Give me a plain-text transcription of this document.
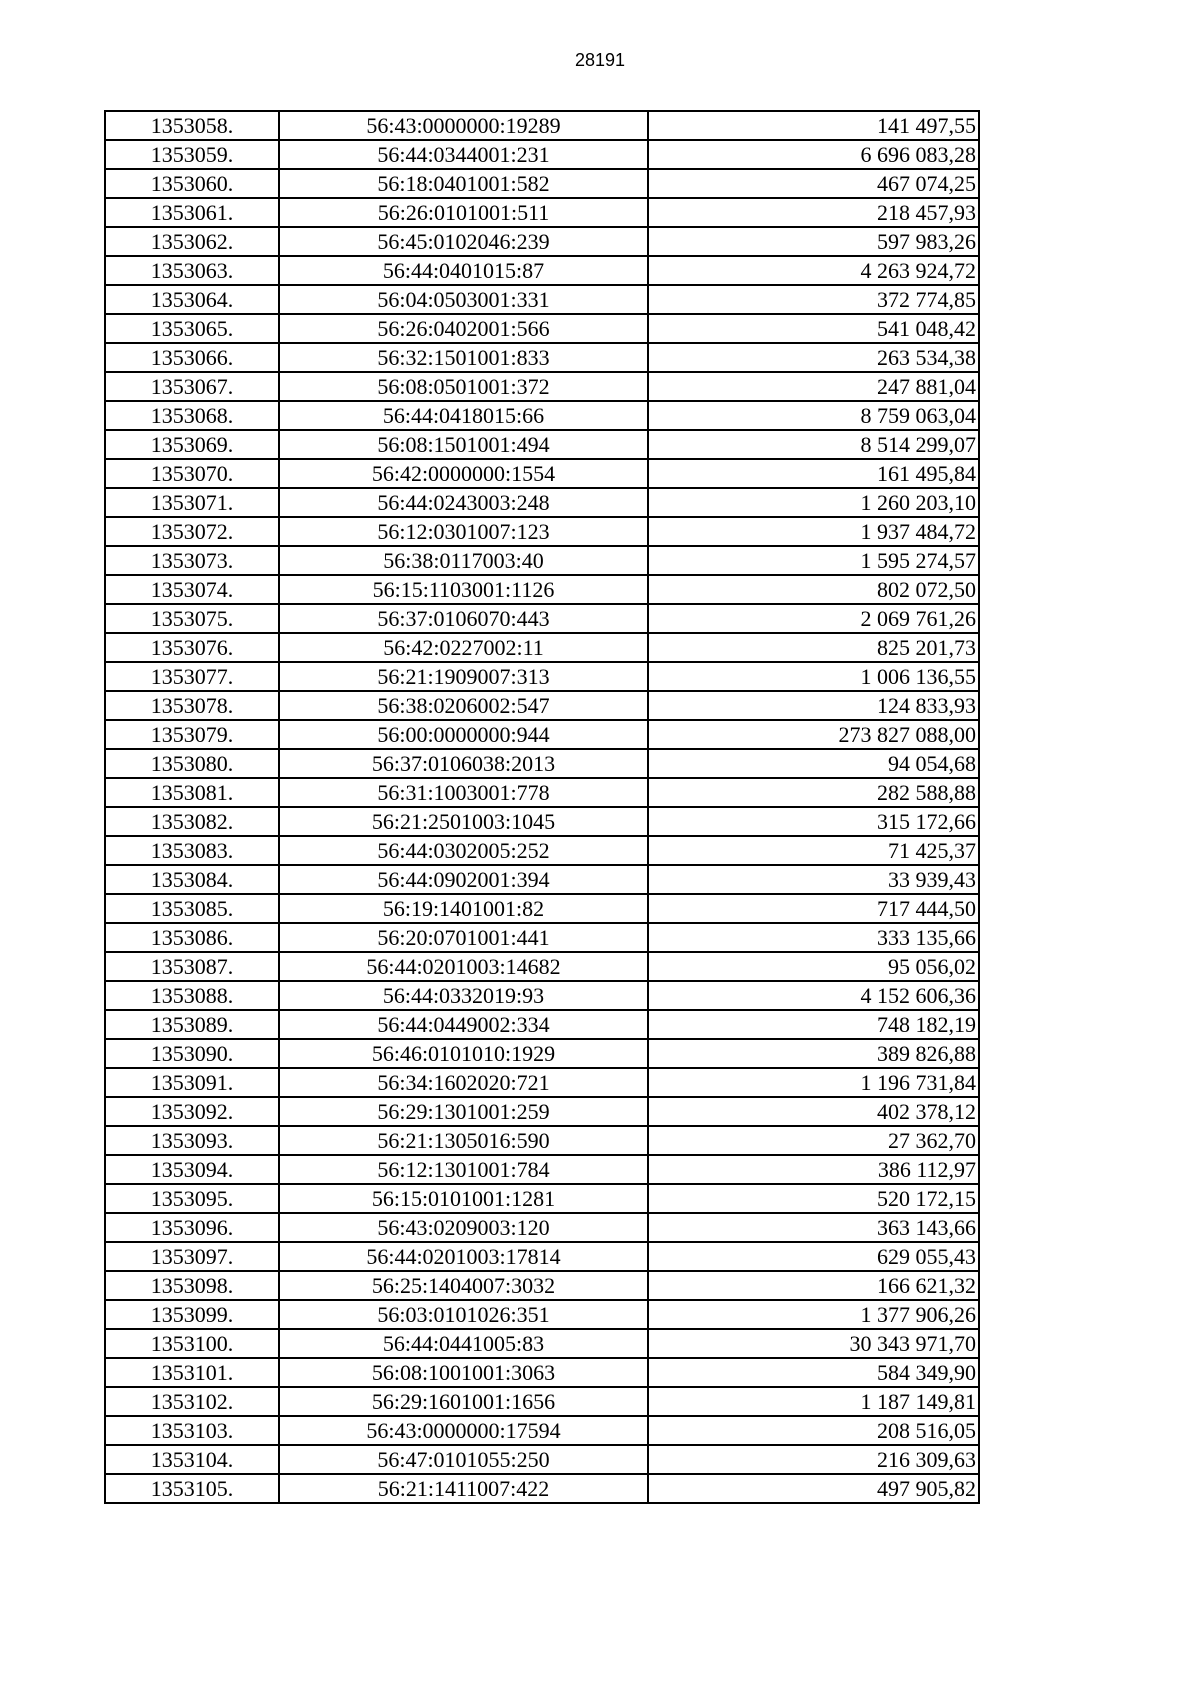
28191
1353058.	56:43:0000000:19289	141 497,55
1353059.	56:44:0344001:231	6 696 083,28
1353060.	56:18:0401001:582	467 074,25
1353061.	56:26:0101001:511	218 457,93
1353062.	56:45:0102046:239	597 983,26
1353063.	56:44:0401015:87	4 263 924,72
1353064.	56:04:0503001:331	372 774,85
1353065.	56:26:0402001:566	541 048,42
1353066.	56:32:1501001:833	263 534,38
1353067.	56:08:0501001:372	247 881,04
1353068.	56:44:0418015:66	8 759 063,04
1353069.	56:08:1501001:494	8 514 299,07
1353070.	56:42:0000000:1554	161 495,84
1353071.	56:44:0243003:248	1 260 203,10
1353072.	56:12:0301007:123	1 937 484,72
1353073.	56:38:0117003:40	1 595 274,57
1353074.	56:15:1103001:1126	802 072,50
1353075.	56:37:0106070:443	2 069 761,26
1353076.	56:42:0227002:11	825 201,73
1353077.	56:21:1909007:313	1 006 136,55
1353078.	56:38:0206002:547	124 833,93
1353079.	56:00:0000000:944	273 827 088,00
1353080.	56:37:0106038:2013	94 054,68
1353081.	56:31:1003001:778	282 588,88
1353082.	56:21:2501003:1045	315 172,66
1353083.	56:44:0302005:252	71 425,37
1353084.	56:44:0902001:394	33 939,43
1353085.	56:19:1401001:82	717 444,50
1353086.	56:20:0701001:441	333 135,66
1353087.	56:44:0201003:14682	95 056,02
1353088.	56:44:0332019:93	4 152 606,36
1353089.	56:44:0449002:334	748 182,19
1353090.	56:46:0101010:1929	389 826,88
1353091.	56:34:1602020:721	1 196 731,84
1353092.	56:29:1301001:259	402 378,12
1353093.	56:21:1305016:590	27 362,70
1353094.	56:12:1301001:784	386 112,97
1353095.	56:15:0101001:1281	520 172,15
1353096.	56:43:0209003:120	363 143,66
1353097.	56:44:0201003:17814	629 055,43
1353098.	56:25:1404007:3032	166 621,32
1353099.	56:03:0101026:351	1 377 906,26
1353100.	56:44:0441005:83	30 343 971,70
1353101.	56:08:1001001:3063	584 349,90
1353102.	56:29:1601001:1656	1 187 149,81
1353103.	56:43:0000000:17594	208 516,05
1353104.	56:47:0101055:250	216 309,63
1353105.	56:21:1411007:422	497 905,82
